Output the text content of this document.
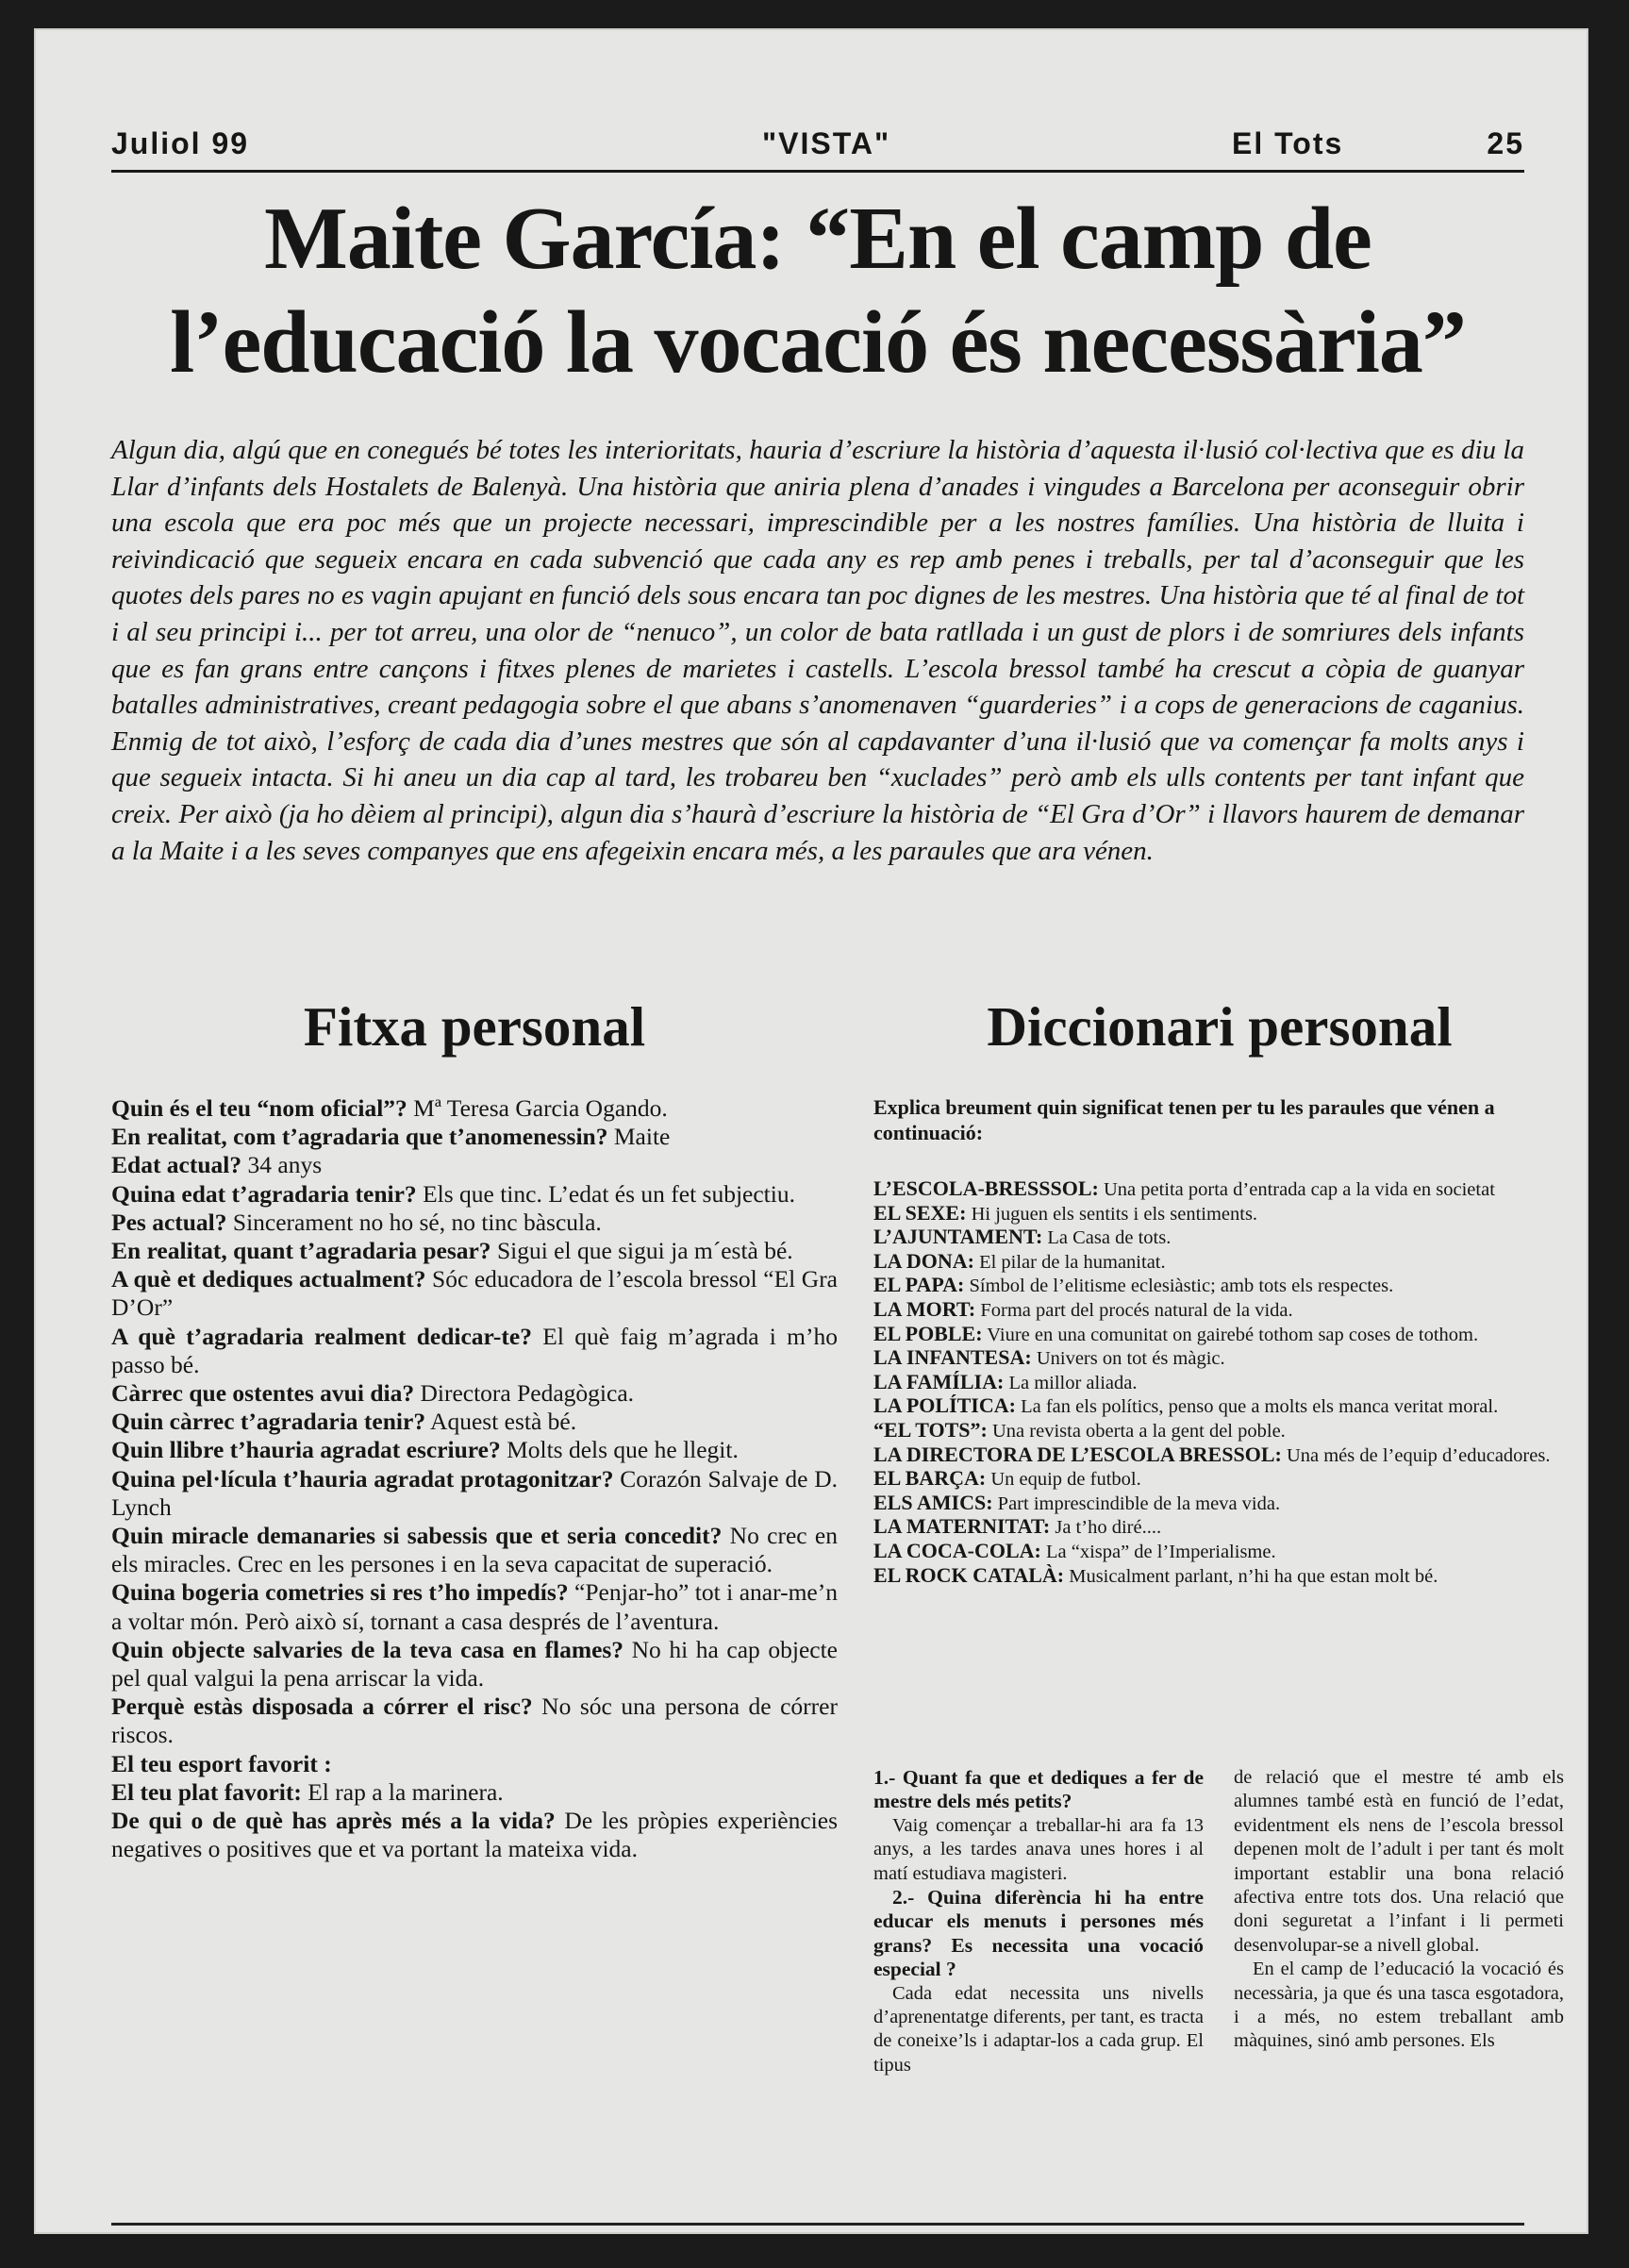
Juliol 99	"VISTA"	El Tots	25
Maite García: “En el camp de
l’educació la vocació és necessària”
Algun dia, algú que en conegués bé totes les interioritats, hauria d’escriure la història d’aquesta il·lusió col·lectiva que es diu la Llar d’infants dels Hostalets de Balenyà. Una història que aniria plena d’anades i vingudes a Barcelona per aconseguir obrir una escola que era poc més que un projecte necessari, imprescindible per a les nostres famílies. Una història de lluita i reivindicació que segueix encara en cada subvenció que cada any es rep amb penes i treballs, per tal d’aconseguir que les quotes dels pares no es vagin apujant en funció dels sous encara tan poc dignes de les mestres. Una història que té al final de tot i al seu principi i... per tot arreu, una olor de “nenuco”, un color de bata ratllada i un gust de plors i de somriures dels infants que es fan grans entre cançons i fitxes plenes de marietes i castells. L’escola bressol també ha crescut a còpia de guanyar batalles administratives, creant pedagogia sobre el que abans s’anomenaven “guarderies” i a cops de generacions de caganius. Enmig de tot això, l’esforç de cada dia d’unes mestres que són al capdavanter d’una il·lusió que va començar fa molts anys i que segueix intacta. Si hi aneu un dia cap al tard, les trobareu ben “xuclades” però amb els ulls contents per tant infant que creix. Per això (ja ho dèiem al principi), algun dia s’haurà d’escriure la història de “El Gra d’Or” i llavors haurem de demanar a la Maite i a les seves companyes que ens afegeixin encara més, a les paraules que ara vénen.
Fitxa personal

Quin és el teu “nom oficial”? Mª Teresa Garcia Ogando.

En realitat, com t’agradaria que t’anomenessin? Maite

Edat actual? 34 anys

Quina edat t’agradaria tenir? Els que tinc. L’edat és un fet subjectiu.

Pes actual? Sincerament no ho sé, no tinc bàscula.

En realitat, quant t’agradaria pesar? Sigui el que sigui ja m´està bé.

A què et dediques actualment? Sóc educadora de l’escola bressol “El Gra D’Or”

A què t’agradaria realment dedicar-te? El què faig m’agrada i m’ho passo bé.

Càrrec que ostentes avui dia? Directora Pedagògica.

Quin càrrec t’agradaria tenir? Aquest està bé.

Quin llibre t’hauria agradat escriure? Molts dels que he llegit.

Quina pel·lícula t’hauria agradat protagonitzar? Corazón Salvaje de D. Lynch

Quin miracle demanaries si sabessis que et seria concedit? No crec en els miracles. Crec en les persones i en la seva capacitat de superació.

Quina bogeria cometries si res t’ho impedís? “Penjar-ho” tot i anar-me’n a voltar món. Però això sí, tornant a casa després de l’aventura.

Quin objecte salvaries de la teva casa en flames? No hi ha cap objecte pel qual valgui la pena arriscar la vida.

Perquè estàs disposada a córrer el risc? No sóc una persona de córrer riscos.

El teu esport favorit :

El teu plat favorit: El rap a la marinera.

De qui o de què has après més a la vida? De les pròpies experiències negatives o positives que et va portant la mateixa vida.

Diccionari personal
Explica breument quin significat tenen per tu les paraules que vénen a continuació:

L’ESCOLA-BRESSSOL: Una petita porta d’entrada cap a la vida en societat

EL SEXE: Hi juguen els sentits i els sentiments.

L’AJUNTAMENT: La Casa de tots.

LA DONA: El pilar de la humanitat.

EL PAPA: Símbol de l’elitisme eclesiàstic; amb tots els respectes.

LA MORT: Forma part del procés natural de la vida.

EL POBLE: Viure en una comunitat on gairebé tothom sap coses de tothom.

LA INFANTESA: Univers on tot és màgic.

LA FAMÍLIA: La millor aliada.

LA POLÍTICA: La fan els polítics, penso que a molts els manca veritat moral.

“EL TOTS”: Una revista oberta a la gent del poble.

LA DIRECTORA DE L’ESCOLA BRESSOL: Una més de l’equip d’educadores.

EL BARÇA: Un equip de futbol.

ELS AMICS: Part imprescindible de la meva vida.

LA MATERNITAT: Ja t’ho diré....

LA COCA-COLA: La “xispa” de l’Imperialisme.

EL ROCK CATALÀ: Musicalment parlant, n’hi ha que estan molt bé.

1.- Quant fa que et dediques a fer de mestre dels més petits?

Vaig començar a treballar-hi ara fa 13 anys, a les tardes anava unes hores i al matí estudiava magisteri.

2.- Quina diferència hi ha entre educar els menuts i persones més grans? Es necessita una vocació especial ?

Cada edat necessita uns nivells d’aprenentatge diferents, per tant, es tracta de coneixe’ls i adaptar-los a cada grup. El tipus

de relació que el mestre té amb els alumnes també està en funció de l’edat, evidentment els nens de l’escola bressol depenen molt de l’adult i per tant és molt important establir una bona relació afectiva entre tots dos. Una relació que doni seguretat a l’infant i li permeti desenvolupar-se a nivell global.

En el camp de l’educació la vocació és necessària, ja que és una tasca esgotadora, i a més, no estem treballant amb màquines, sinó amb persones. Els
